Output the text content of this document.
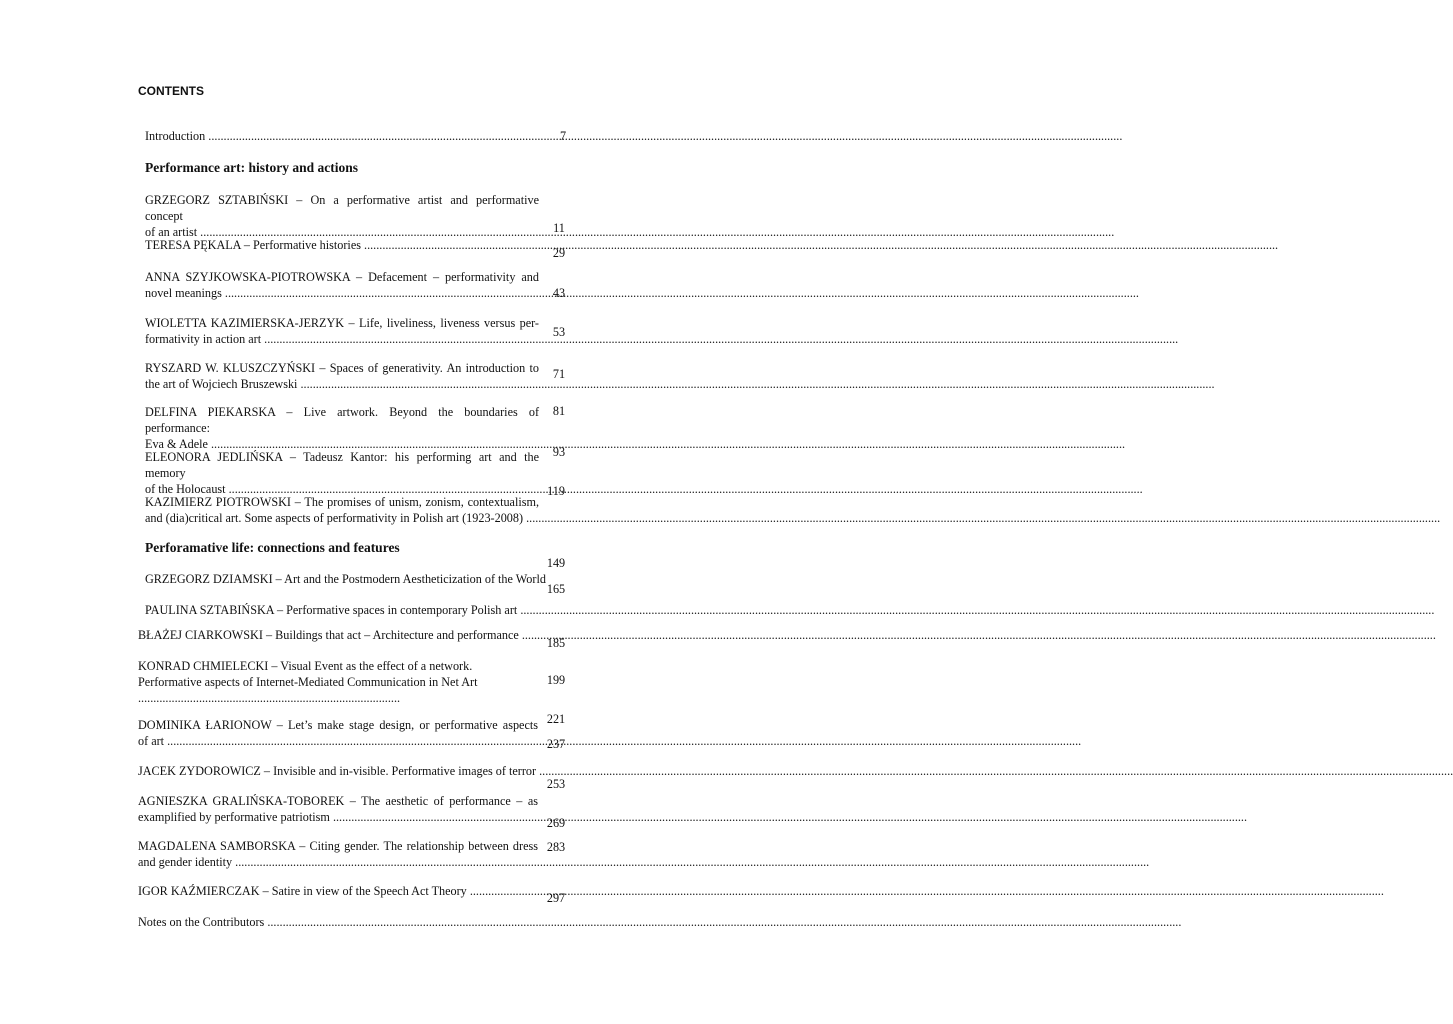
CONTENTS
Introduction .....
Performance art: history and actions
GRZEGORZ SZTABIŃSKI – On a performative artist and performative concept
of an artist .....
TERESA PĘKALA – Performative histories .....
ANNA SZYJKOWSKA-PIOTROWSKA – Defacement – performativity and
novel meanings .....
WIOLETTA KAZIMIERSKA-JERZYK – Life, liveliness, liveness versus per-
formativity in action art .....
RYSZARD W. KLUSZCZYŃSKI – Spaces of generativity. An introduction to
the art of Wojciech Bruszewski .....
DELFINA PIEKARSKA – Live artwork. Beyond the boundaries of performance:
Eva & Adele .....
ELEONORA JEDLIŃSKA – Tadeusz Kantor: his performing art and the memory
of the Holocaust .....
KAZIMIERZ PIOTROWSKI – The promises of unism, zonism, contextualism,
and (dia)critical art. Some aspects of performativity in Polish art (1923-2008) .....
Perforamative life: connections and features
GRZEGORZ DZIAMSKI – Art and the Postmodern Aestheticization of the World
PAULINA SZTABIŃSKA – Performative spaces in contemporary Polish art .....
BŁAŻEJ CIARKOWSKI – Buildings that act – Architecture and performance .....
KONRAD CHMIELECKI – Visual Event as the effect of a network.
Performative aspects of Internet-Mediated Communication in Net Art
......................................................................................
DOMINIKA ŁARIONOW – Let’s make stage design, or performative aspects
of art .....
JACEK ZYDOROWICZ – Invisible and in-visible. Performative images of terror .....
AGNIESZKA GRALIŃSKA-TOBOREK – The aesthetic of performance – as
examplified by performative patriotism .....
MAGDALENA SAMBORSKA – Citing gender. The relationship between dress
and gender identity .....
IGOR KAŹMIERCZAK – Satire in view of the Speech Act Theory .....
Notes on the Contributors .....
7
11
29
43
53
71
81
93
119
149
165
185
199
221
237
253
269
283
297
